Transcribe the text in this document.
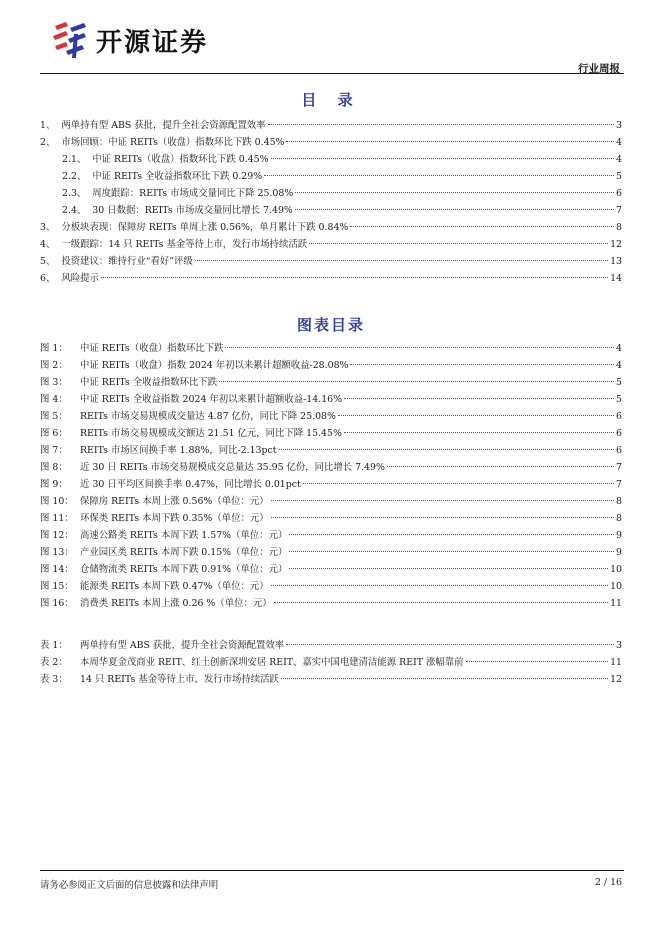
开源证券
行业周报
目 录
1、 两单持有型 ABS 获批，提升全社会资源配置效率	3
2、 市场回顾：中证 REITs（收盘）指数环比下跌 0.45%	4
2.1、 中证 REITs（收盘）指数环比下跌 0.45%	4
2.2、 中证 REITs 全收益指数环比下跌 0.29%	5
2.3、 周度跟踪：REITs 市场成交量同比下降 25.08%	6
2.4、 30 日数据：REITs 市场成交量同比增长 7.49%	7
3、 分板块表现：保障房 REITs 单周上涨 0.56%，单月累计下跌 0.84%	8
4、 一级跟踪：14 只 REITs 基金等待上市，发行市场持续活跃	12
5、 投资建议：维持行业“看好”评级	13
6、 风险提示	14
图表目录
图 1：	中证 REITs（收盘）指数环比下跌	4
图 2：	中证 REITs（收盘）指数 2024 年初以来累计超额收益-28.08%	4
图 3：	中证 REITs 全收益指数环比下跌	5
图 4：	中证 REITs 全收益指数 2024 年初以来累计超额收益-14.16%	5
图 5：	REITs 市场交易规模成交量达 4.87 亿份，同比下降 25.08%	6
图 6：	REITs 市场交易规模成交额达 21.51 亿元，同比下降 15.45%	6
图 7：	REITs 市场区间换手率 1.88%，同比-2.13pct	6
图 8：	近 30 日 REITs 市场交易规模成交总量达 35.95 亿份，同比增长 7.49%	7
图 9：	近 30 日平均区间换手率 0.47%，同比增长 0.01pct	7
图 10： 保障房 REITs 本周上涨 0.56%（单位：元）	8
图 11： 环保类 REITs 本周下跌 0.35%（单位：元）	8
图 12： 高速公路类 REITs 本周下跌 1.57%（单位：元）	9
图 13： 产业园区类 REITs 本周下跌 0.15%（单位：元）	9
图 14： 仓储物流类 REITs 本周下跌 0.91%（单位：元）	10
图 15： 能源类 REITs 本周下跌 0.47%（单位：元）	10
图 16： 消费类 REITs 本周上涨 0.26 %（单位：元）	11
表 1：	两单持有型 ABS 获批，提升全社会资源配置效率	3
表 2：	本周华夏金茂商业 REIT、红土创新深圳安居 REIT、嘉实中国电建清洁能源 REIT 涨幅靠前	11
表 3：	14 只 REITs 基金等待上市，发行市场持续活跃	12
请务必参阅正文后面的信息披露和法律声明	2 / 16
